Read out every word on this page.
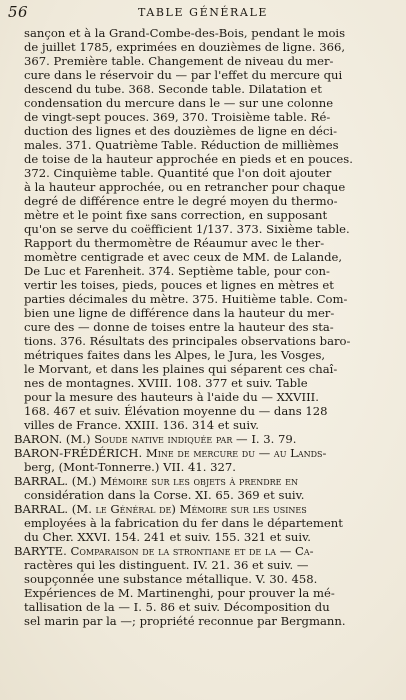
56	TABLE GÉNÉRALE
sançon et à la Grand-Combe-des-Bois, pendant le mois
de juillet 1785, exprimées en douzièmes de ligne. 366,
367. Première table. Changement de niveau du mer-
cure dans le réservoir du — par l'effet du mercure qui
descend du tube. 368. Seconde table. Dilatation et
condensation du mercure dans le — sur une colonne
de vingt-sept pouces. 369, 370. Troisième table. Ré-
duction des lignes et des douzièmes de ligne en déci-
males. 371. Quatrième Table. Réduction de millièmes
de toise de la hauteur approchée en pieds et en pouces.
372. Cinquième table. Quantité que l'on doit ajouter
à la hauteur approchée, ou en retrancher pour chaque
degré de différence entre le degré moyen du thermo-
mètre et le point fixe sans correction, en supposant
qu'on se serve du coëfficient 1/137. 373. Sixième table.
Rapport du thermomètre de Réaumur avec le ther-
momètre centigrade et avec ceux de MM. de Lalande,
De Luc et Farenheit. 374. Septième table, pour con-
vertir les toises, pieds, pouces et lignes en mètres et
parties décimales du mètre. 375. Huitième table. Com-
bien une ligne de différence dans la hauteur du mer-
cure des — donne de toises entre la hauteur des sta-
tions. 376. Résultats des principales observations baro-
métriques faites dans les Alpes, le Jura, les Vosges,
le Morvant, et dans les plaines qui séparent ces chaî-
nes de montagnes. XVIII. 108. 377 et suiv. Table
pour la mesure des hauteurs à l'aide du — XXVIII.
168. 467 et suiv. Élévation moyenne du — dans 128
villes de France. XXIII. 136. 314 et suiv.
BARON. (M.) Soude native indiquée par — I. 3. 79.
BARON-FRÉDÉRICH. Mine de mercure du — au Lands-
berg, (Mont-Tonnerre.) VII. 41. 327.
BARRAL. (M.) Mémoire sur les objets à prendre en
considération dans la Corse. XI. 65. 369 et suiv.
BARRAL. (M. le Général de) Mémoire sur les usines
employées à la fabrication du fer dans le département
du Cher. XXVI. 154. 241 et suiv. 155. 321 et suiv.
BARYTE. Comparaison de la strontiane et de la — Ca-
ractères qui les distinguent. IV. 21. 36 et suiv. —
soupçonnée une substance métallique. V. 30. 458.
Expériences de M. Martinenghi, pour prouver la mé-
tallisation de la — I. 5. 86 et suiv. Décomposition du
sel marin par la —; propriété reconnue par Bergmann.
